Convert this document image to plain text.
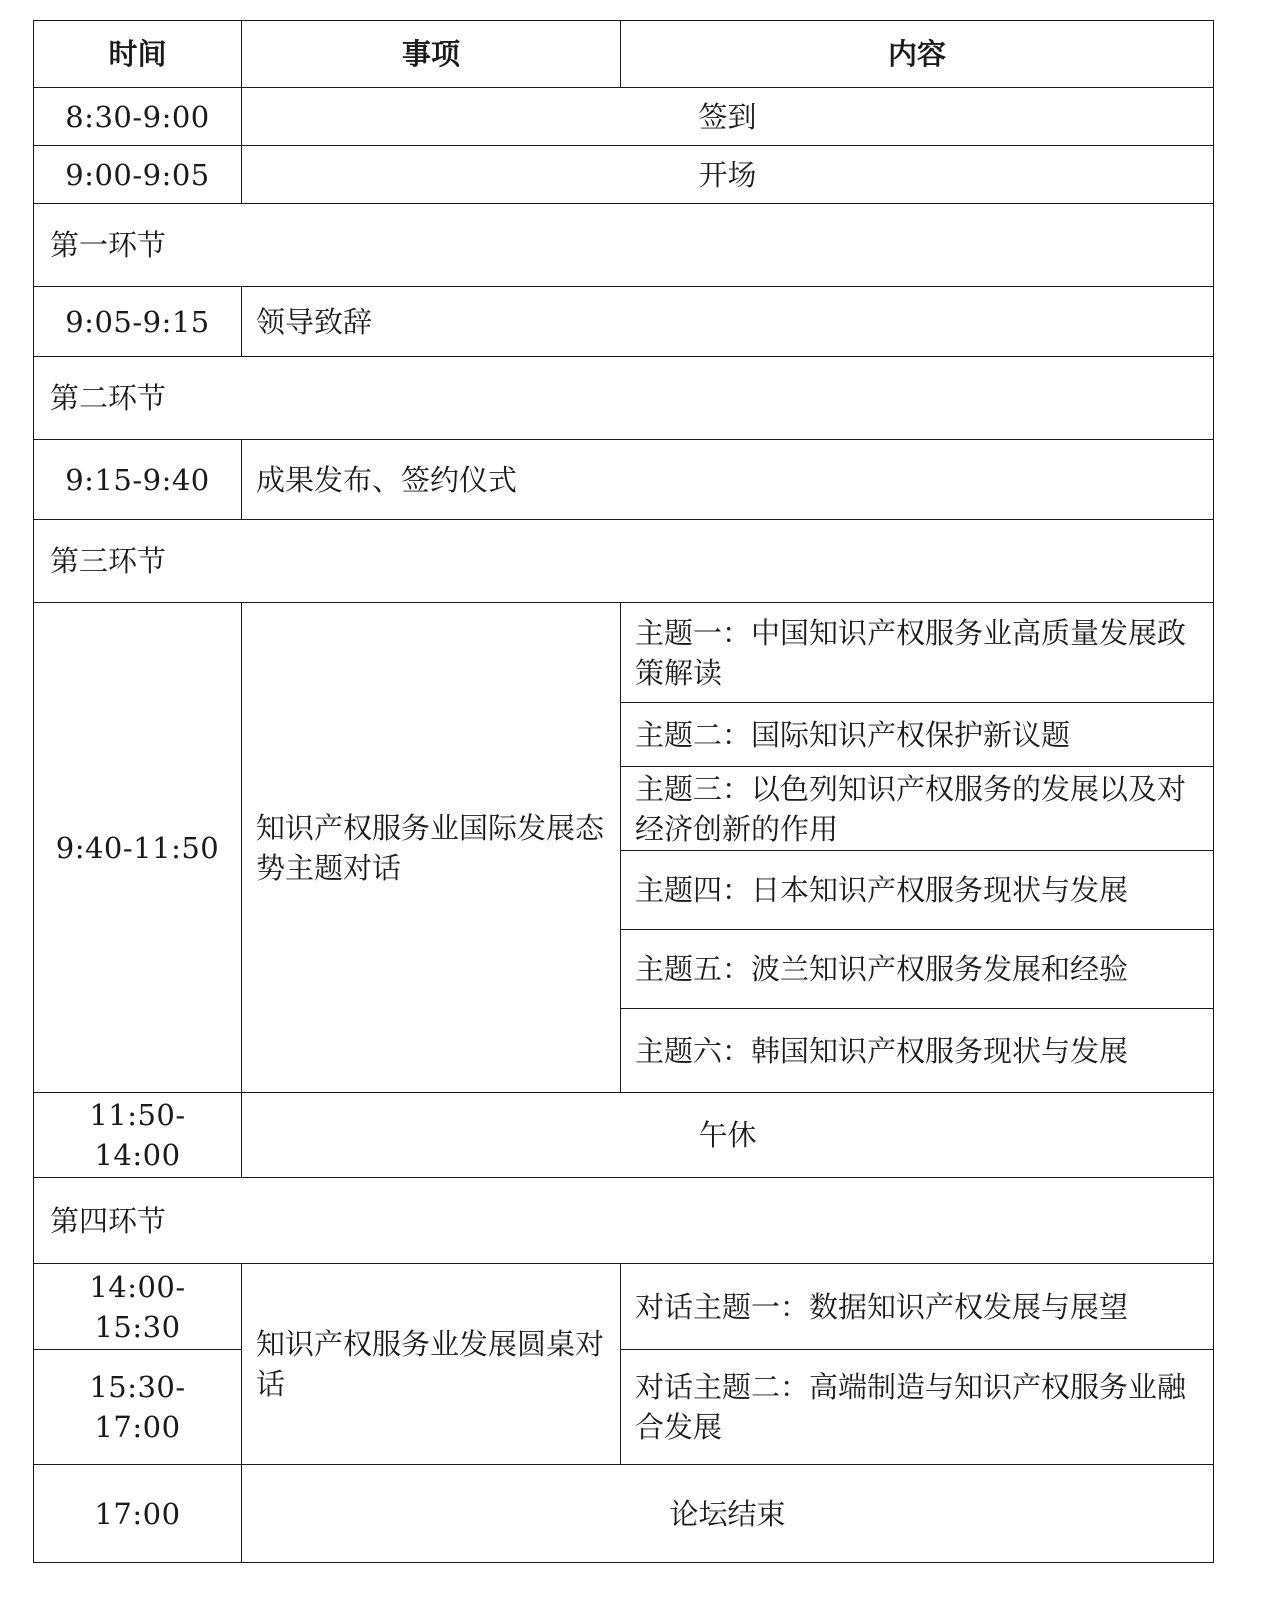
时间	事项	内容
8:30-9:00	签到	
9:00-9:05	开场	
第一环节		
9:05-9:15	领导致辞	
第二环节		
9:15-9:40	成果发布、签约仪式	
第三环节		
9:40-11:50	知识产权服务业国际发展态势主题对话	主题一：中国知识产权服务业高质量发展政策解读
		主题二：国际知识产权保护新议题
		主题三：以色列知识产权服务的发展以及对经济创新的作用
		主题四：日本知识产权服务现状与发展
		主题五：波兰知识产权服务发展和经验
		主题六：韩国知识产权服务现状与发展
11:50-14:00	午休	
第四环节		
14:00-15:30	知识产权服务业发展圆桌对话	对话主题一：数据知识产权发展与展望
15:30-17:00		对话主题二：高端制造与知识产权服务业融合发展
17:00	论坛结束	
